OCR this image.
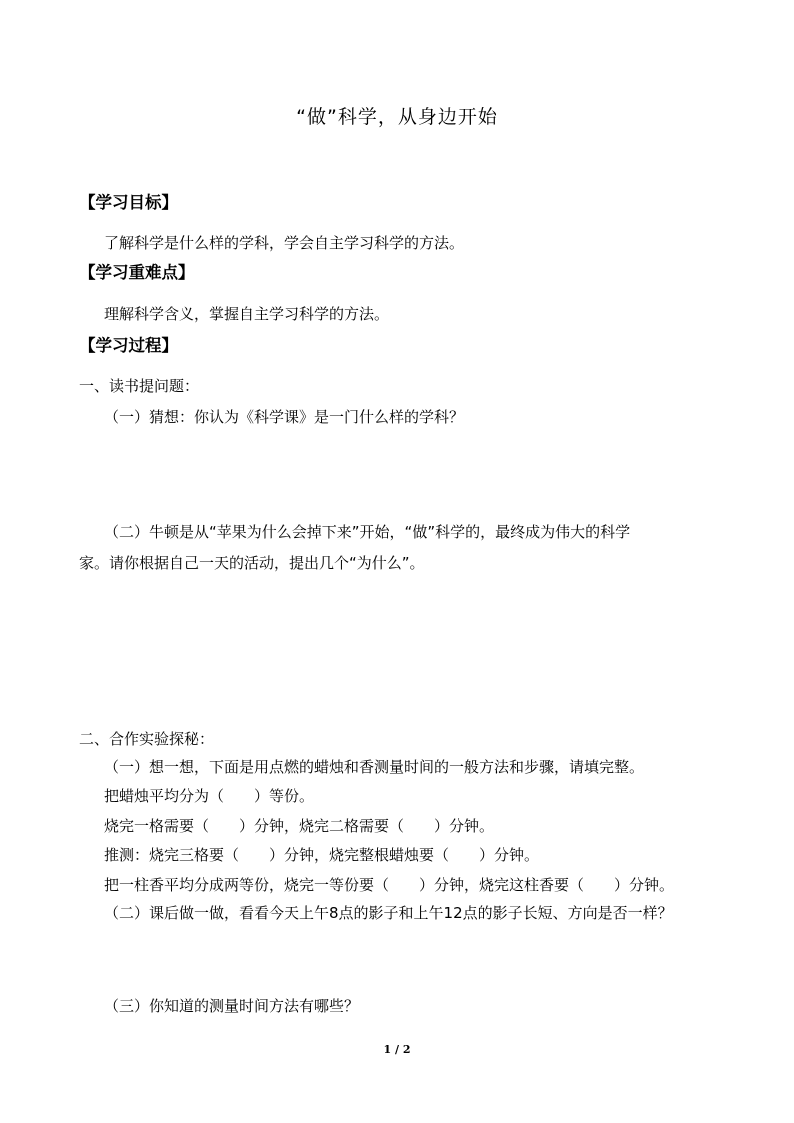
“做”科学，从身边开始
【学习目标】
了解科学是什么样的学科，学会自主学习科学的方法。
【学习重难点】
理解科学含义，掌握自主学习科学的方法。
【学习过程】
一、读书提问题：
（一）猜想：你认为《科学课》是一门什么样的学科？
（二）牛顿是从“苹果为什么会掉下来”开始，“做”科学的，最终成为伟大的科学
家。请你根据自己一天的活动，提出几个“为什么”。
二、合作实验探秘：
（一）想一想，下面是用点燃的蜡烛和香测量时间的一般方法和步骤，请填完整。
把蜡烛平均分为（　　）等份。
烧完一格需要（　　）分钟，烧完二格需要（　　）分钟。
推测：烧完三格要（　　）分钟，烧完整根蜡烛要（　　）分钟。
把一柱香平均分成两等份，烧完一等份要（　　）分钟，烧完这柱香要（　　）分钟。
（二）课后做一做，看看今天上午8点的影子和上午12点的影子长短、方向是否一样？
（三）你知道的测量时间方法有哪些？
1 / 2
